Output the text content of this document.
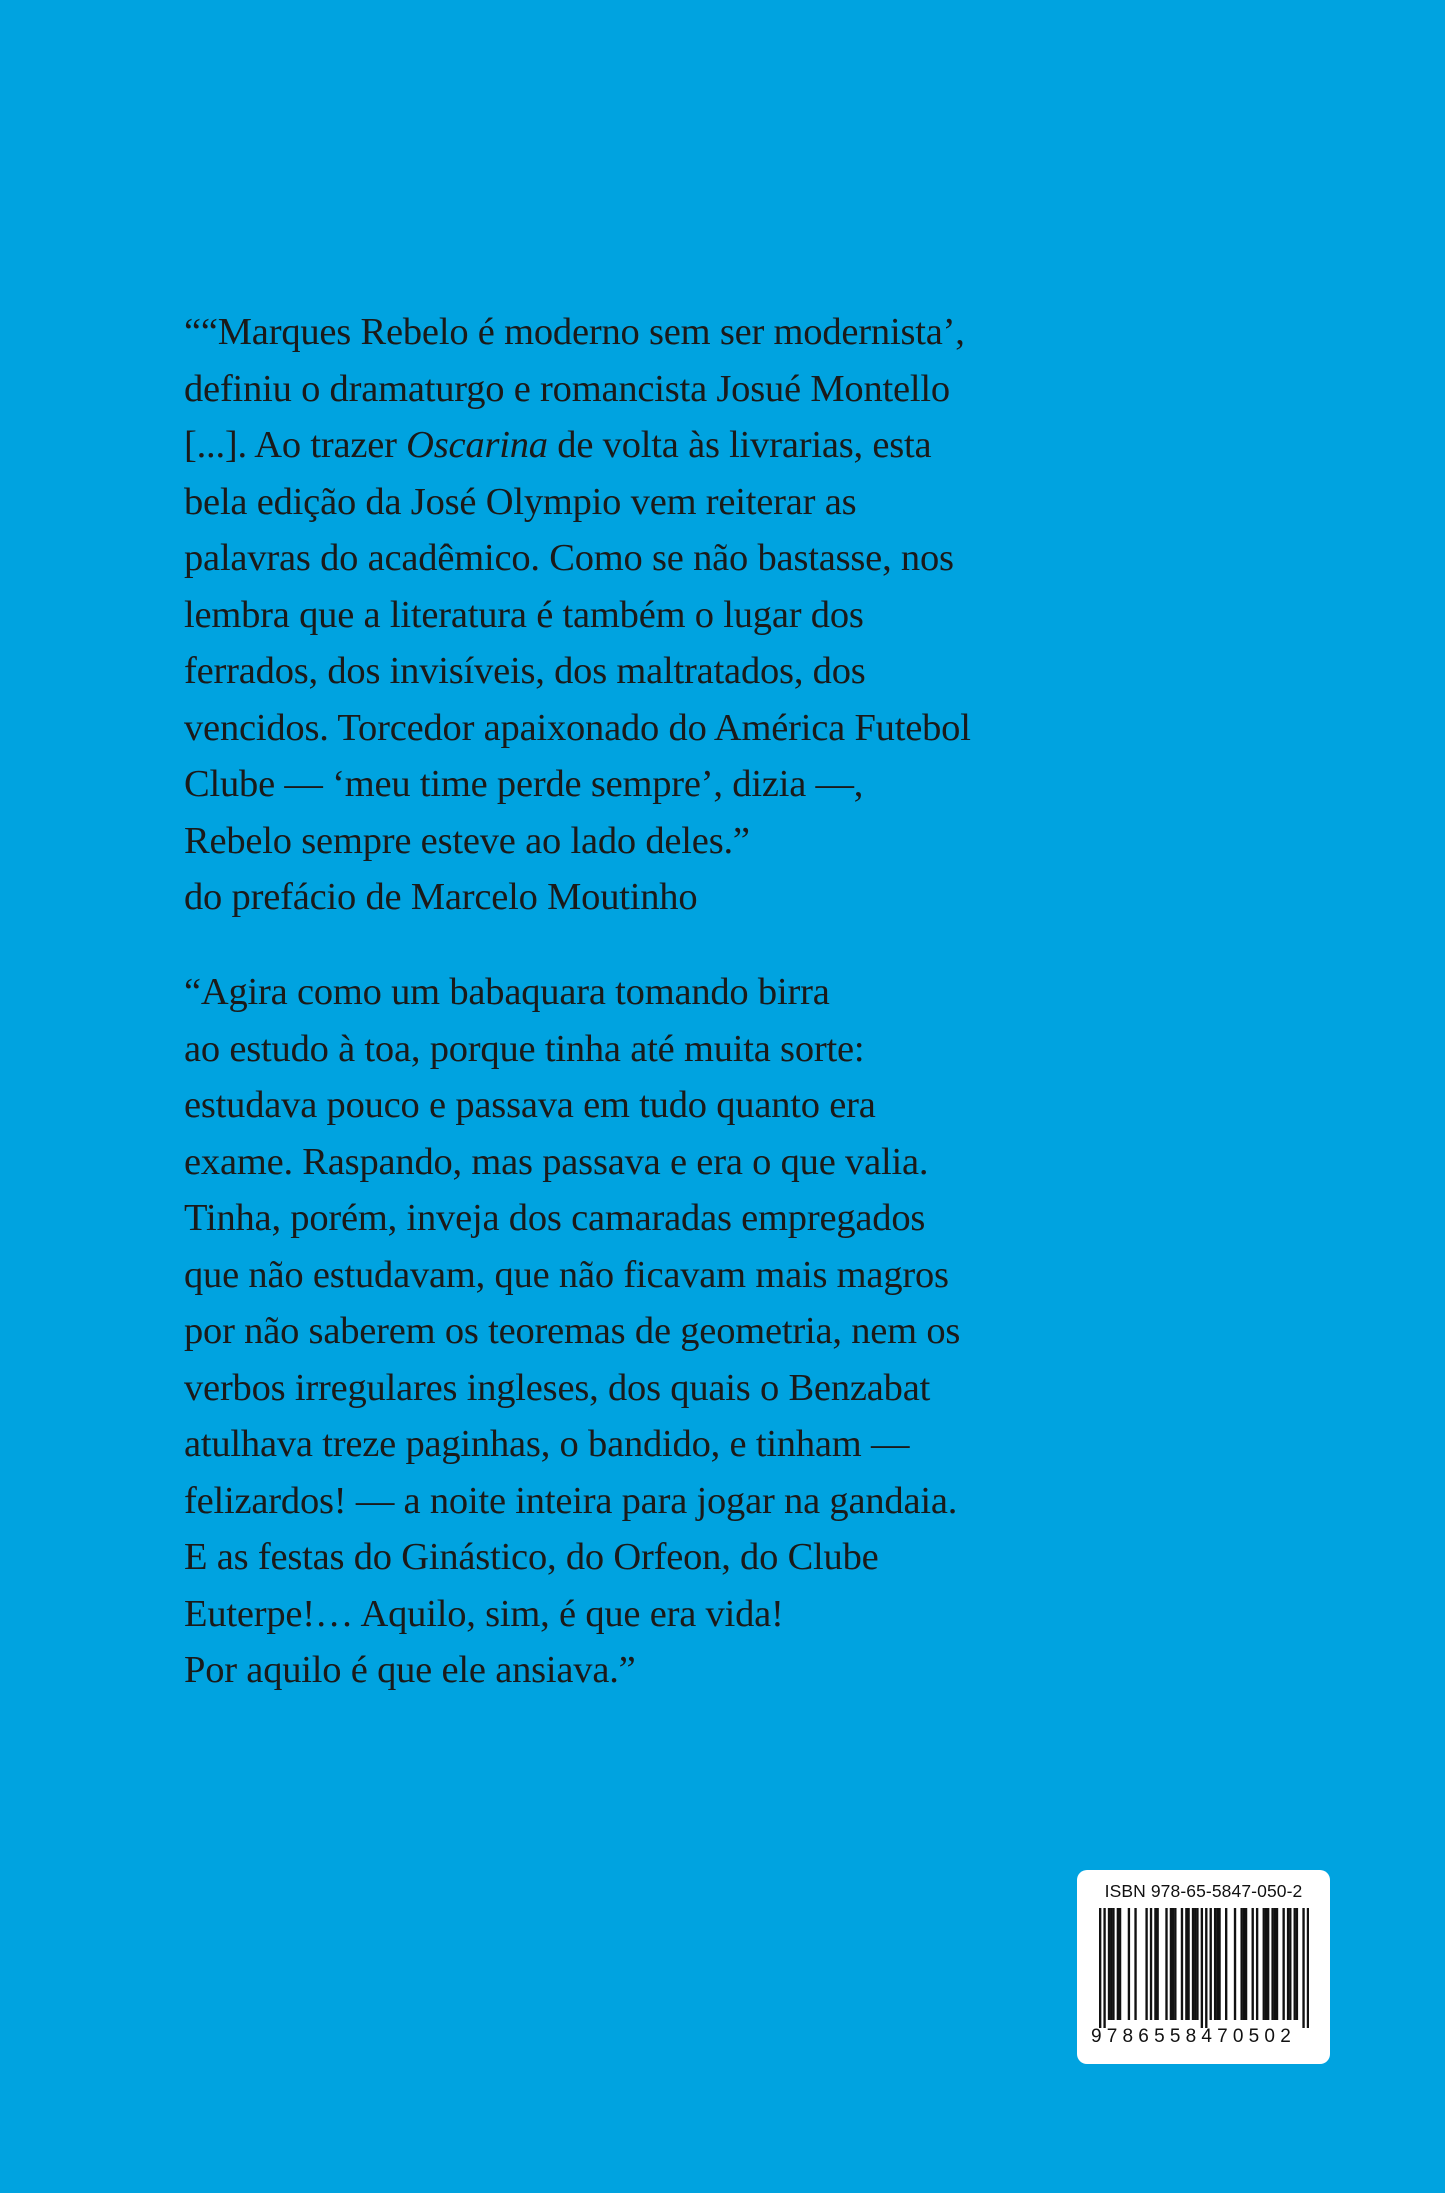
““Marques Rebelo é moderno sem ser modernista’,
definiu o dramaturgo e romancista Josué Montello
[...]. Ao trazer Oscarina de volta às livrarias, esta
bela edição da José Olympio vem reiterar as
palavras do acadêmico. Como se não bastasse, nos
lembra que a literatura é também o lugar dos
ferrados, dos invisíveis, dos maltratados, dos
vencidos. Torcedor apaixonado do América Futebol
Clube — ‘meu time perde sempre’, dizia —,
Rebelo sempre esteve ao lado deles.”
do prefácio de Marcelo Moutinho
“Agira como um babaquara tomando birra
ao estudo à toa, porque tinha até muita sorte:
estudava pouco e passava em tudo quanto era
exame. Raspando, mas passava e era o que valia.
Tinha, porém, inveja dos camaradas empregados
que não estudavam, que não ficavam mais magros
por não saberem os teoremas de geometria, nem os
verbos irregulares ingleses, dos quais o Benzabat
atulhava treze paginhas, o bandido, e tinham —
felizardos! — a noite inteira para jogar na gandaia.
E as festas do Ginástico, do Orfeon, do Clube
Euterpe!… Aquilo, sim, é que era vida!
Por aquilo é que ele ansiava.”
ISBN 978-65-5847-050-2
9786558470502
